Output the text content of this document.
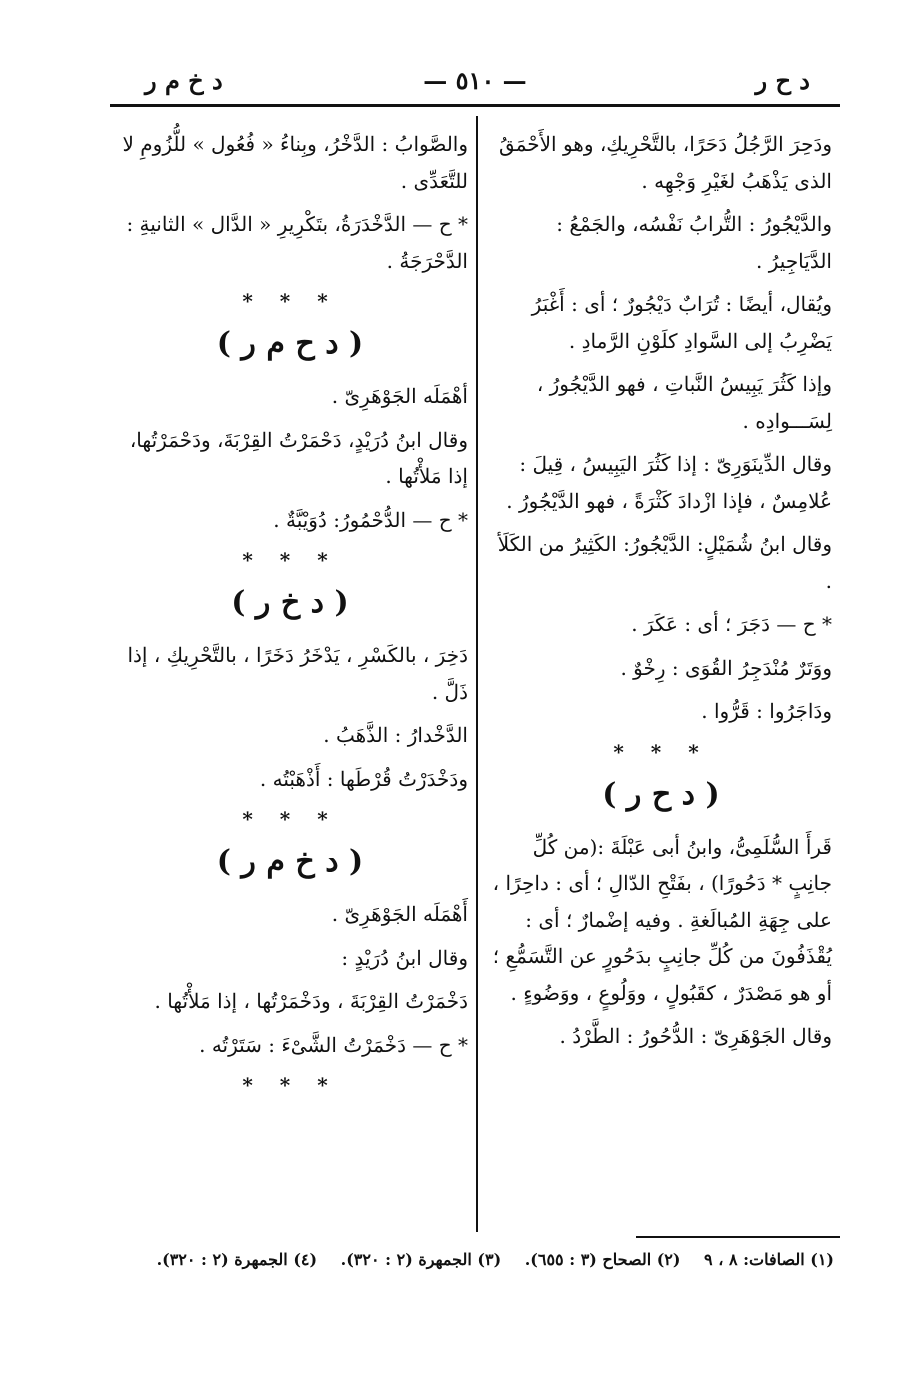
د ح ر
— ٥١٠ —
د خ م ر

ودَحِرَ الرَّجُلُ دَحَرًا، بالتَّحْرِيكِ، وهو الأَحْمَقُ الذى يَذْهَبُ لغَيْرِ وَجْهِه .

والدَّيْجُورُ : التُّرابُ نَفْسُه، والجَمْعُ : الدَّيَاجِيرُ .

ويُقال، أيضًا : تُرَابٌ دَيْجُورٌ ؛ أى : أَغْبَرُ يَضْرِبُ إلى السَّوادِ كلَوْنِ الرَّمادِ .

وإذا كَثُرَ يَبِيسُ النَّباتِ ، فهو الدَّيْجُورُ ، لِسَـــوادِه .

وقال الدِّينَوَرِىّ : إذا كَثُرَ اليَبِيسُ ، قِيلَ : عُلامِسٌ ، فإذا ازْدادَ كَثْرَةً ، فهو الدَّيْجُورُ .

وقال ابنُ شُمَيْلٍ: الدَّيْجُورُ: الكَثِيرُ من الكَلَأ .

* ح — دَجَرَ ؛ أى : عَكَرَ .

ووَتَرٌ مُنْدَجِرُ القُوَى : رِخْوٌ .

ودَاجَرُوا : قَرُّوا .

* * *
( د ح ر )

قَرأَ السُّلَمِىُّ، وابنُ أبى عَبْلَةَ :(من كُلِّ جانِبٍ * دَحُورًا) ، بفَتْحِ الدّالِ ؛ أى : داحِرًا ، على جِهَةِ المُبالَغةِ . وفيه إضْمارٌ ؛ أى : يُقْذَفُونَ من كُلِّ جانِبٍ بدَحُورٍ عن التَّسَمُّعِ ؛ أو هو مَصْدَرٌ ، كقَبُولٍ ، ووَلُوعٍ ، ووَضُوءٍ .

وقال الجَوْهَرِىّ : الدُّحُورُ : الطَّرْدُ .

والصَّوابُ : الدَّخْرُ، وبِناءُ « فُعُول » للُّزُومِ لا للتَّعَدِّى .

* ح — الدَّخْدَرَةُ، بتَكْرِيرِ « الدَّال » الثانيةِ : الدَّحْرَجَةُ .

* * *
( د ح م ر )

أهْمَلَه الجَوْهَرِىّ .

وقال ابنُ دُرَيْدٍ، دَحْمَرْتُ القِرْبَةَ، ودَحْمَرْتُها، إذا مَلأْتُها .

* ح — الدُّحْمُورُ: دُوَيْبَّةٌ .

* * *
( د خ ر )

دَخِرَ ، بالكَسْرِ ، يَدْخَرُ دَخَرًا ، بالتَّحْرِيكِ ، إذا ذَلَّ .

الدَّخْدارُ : الذَّهَبُ .

ودَخْدَرْتُ قُرْطَها : أَذْهَبْتُه .

* * *
( د خ م ر )

أَهْمَلَه الجَوْهَرِىّ .

وقال ابنُ دُرَيْدٍ :

دَخْمَرْتُ القِرْبَةَ ، ودَخْمَرْتُها ، إذا مَلأْتُها .

* ح — دَخْمَرْتُ الشَّىْءَ : سَتَرْتُه .

* * *
(١) الصافات: ٨ ، ٩ (٢) الصحاح (٣ : ٦٥٥). (٣) الجمهرة (٢ : ٣٢٠). (٤) الجمهرة (٢ : ٣٢٠).
